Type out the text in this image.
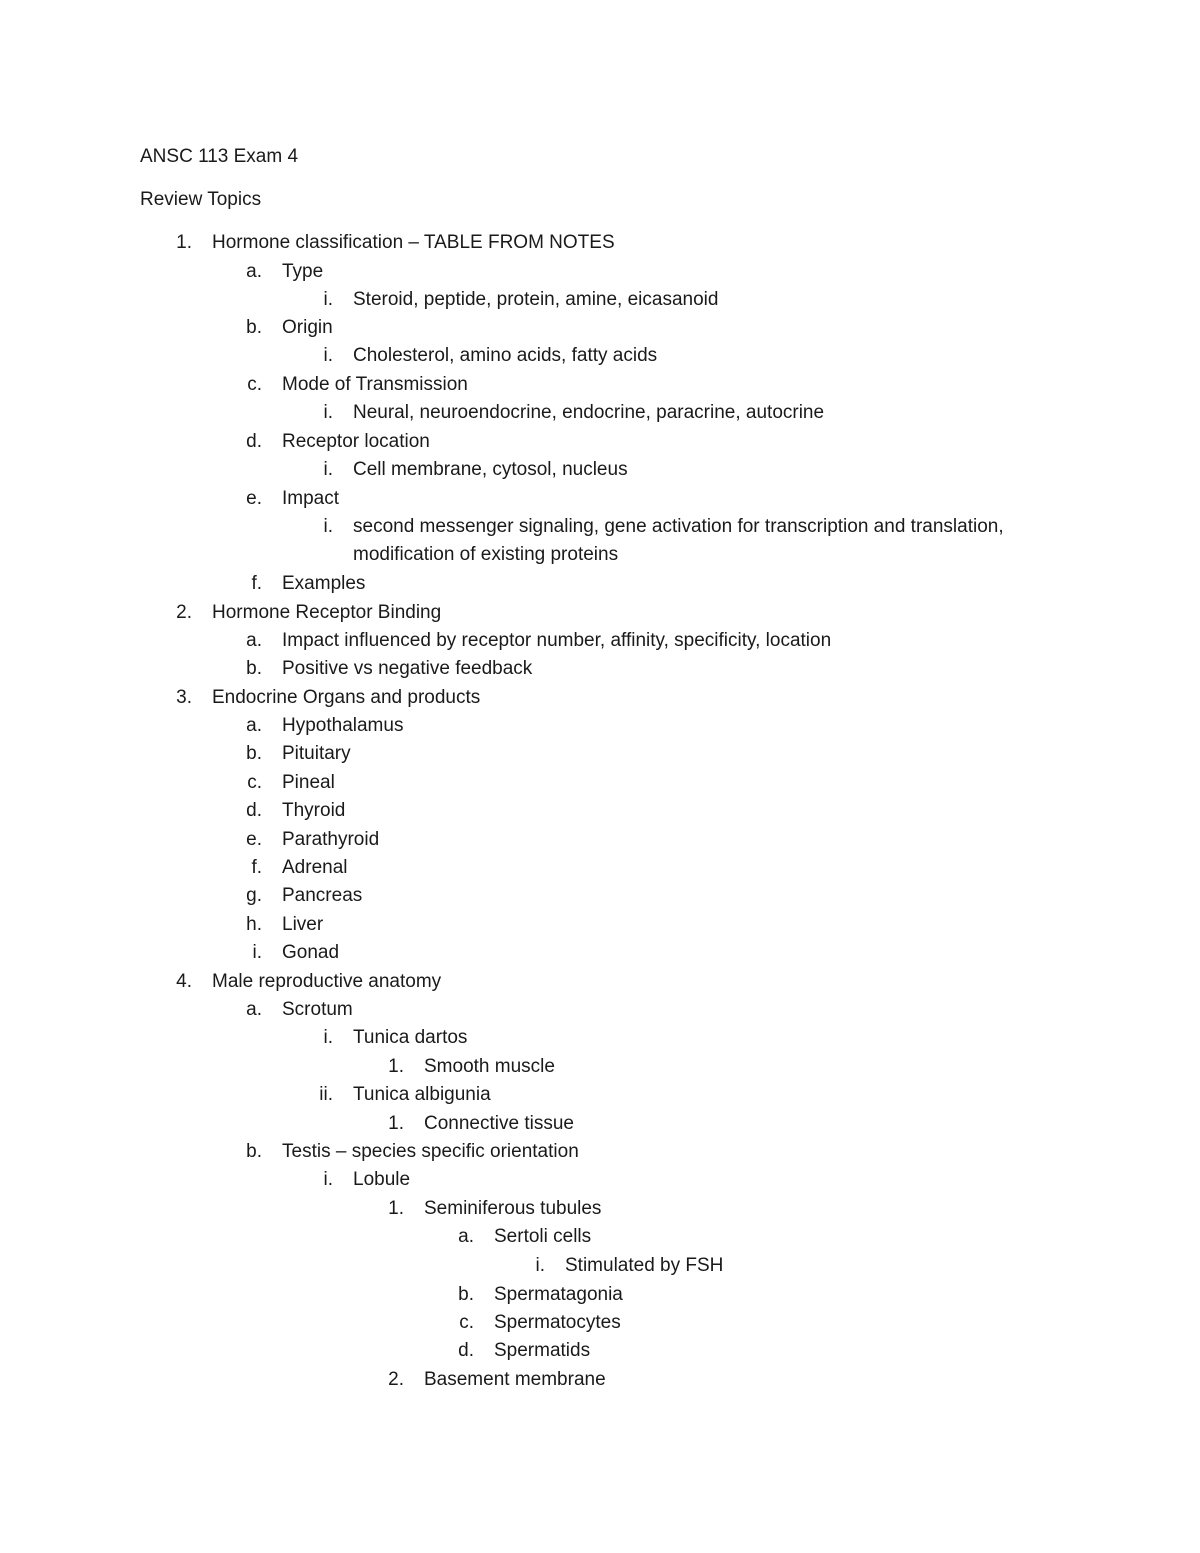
ANSC 113 Exam 4
Review Topics
1. Hormone classification – TABLE FROM NOTES
a. Type
i. Steroid, peptide, protein, amine, eicasanoid
b. Origin
i. Cholesterol, amino acids, fatty acids
c. Mode of Transmission
i. Neural, neuroendocrine, endocrine, paracrine, autocrine
d. Receptor location
i. Cell membrane, cytosol, nucleus
e. Impact
i. second messenger signaling, gene activation for transcription and translation,
modification of existing proteins
f. Examples
2. Hormone Receptor Binding
a. Impact influenced by receptor number, affinity, specificity, location
b. Positive vs negative feedback
3. Endocrine Organs and products
a. Hypothalamus
b. Pituitary
c. Pineal
d. Thyroid
e. Parathyroid
f. Adrenal
g. Pancreas
h. Liver
i. Gonad
4. Male reproductive anatomy
a. Scrotum
i. Tunica dartos
1. Smooth muscle
ii. Tunica albigunia
1. Connective tissue
b. Testis – species specific orientation
i. Lobule
1. Seminiferous tubules
a. Sertoli cells
i. Stimulated by FSH
b. Spermatagonia
c. Spermatocytes
d. Spermatids
2. Basement membrane
